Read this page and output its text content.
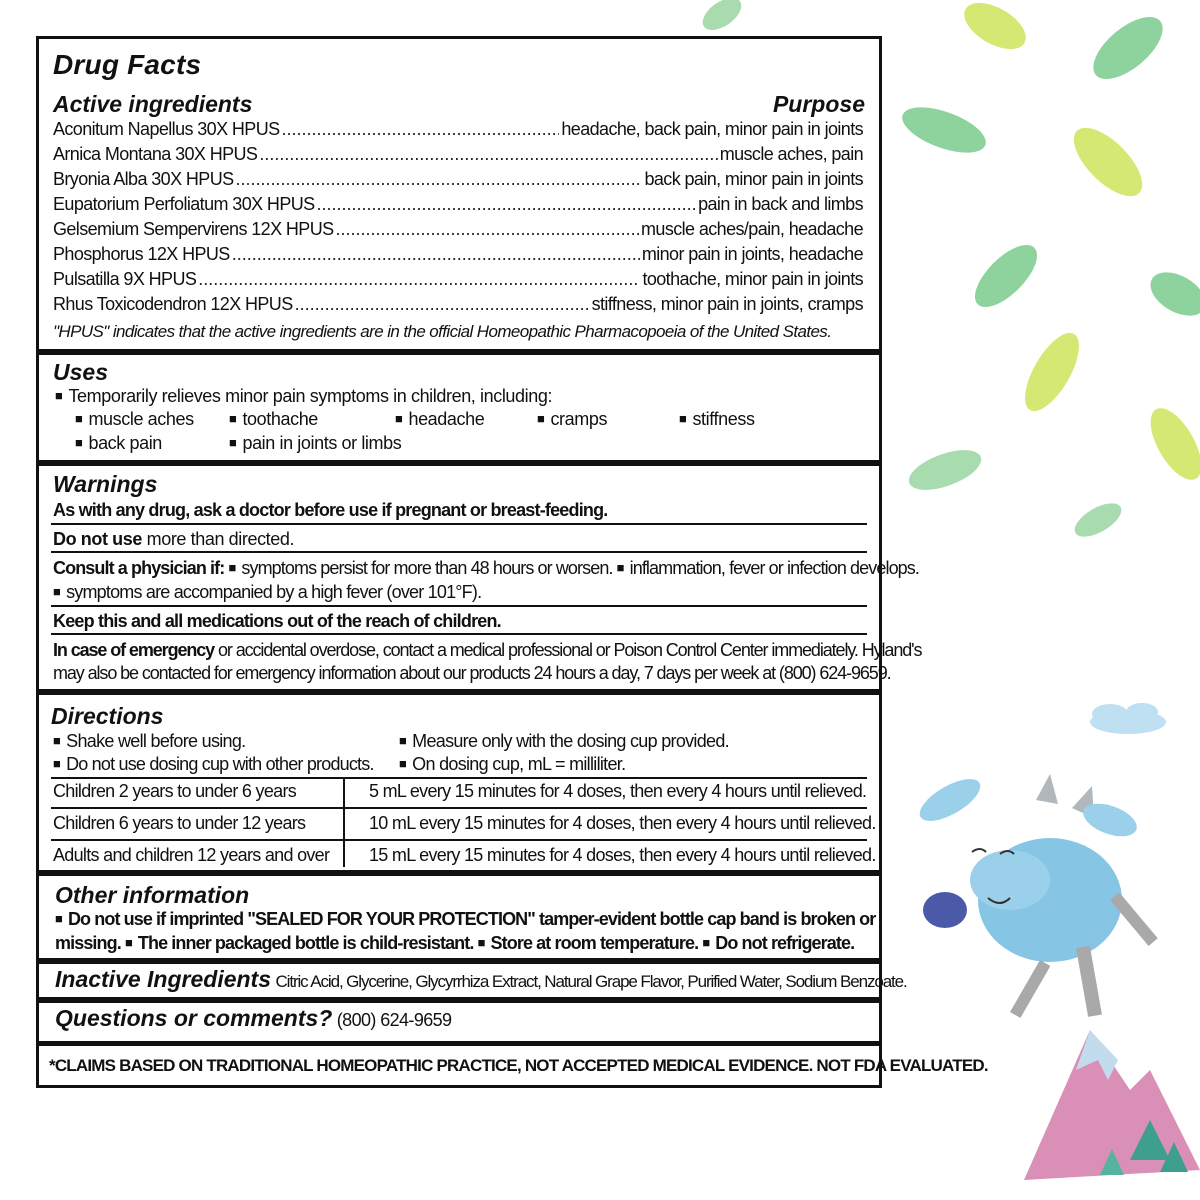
Drug Facts
Active ingredients	Purpose
Aconitum Napellus 30X HPUS .....	headache, back pain, minor pain in joints
Arnica Montana 30X HPUS .....	muscle aches, pain
Bryonia Alba 30X HPUS .....	back pain, minor pain in joints
Eupatorium Perfoliatum 30X HPUS .....	pain in back and limbs
Gelsemium Sempervirens 12X HPUS .....	muscle aches/pain, headache
Phosphorus 12X HPUS .....	minor pain in joints, headache
Pulsatilla 9X HPUS .....	toothache, minor pain in joints
Rhus Toxicodendron 12X HPUS .....	stiffness, minor pain in joints, cramps
"HPUS" indicates that the active ingredients are in the official Homeopathic Pharmacopoeia of the United States.
Uses
■ Temporarily relieves minor pain symptoms in children, including:
■ muscle aches	■ toothache	■ headache	■ cramps	■ stiffness
■ back pain	■ pain in joints or limbs
Warnings
As with any drug, ask a doctor before use if pregnant or breast-feeding.
Do not use more than directed.
Consult a physician if: ■ symptoms persist for more than 48 hours or worsen. ■ inflammation, fever or infection develops.
■ symptoms are accompanied by a high fever (over 101°F).
Keep this and all medications out of the reach of children.
In case of emergency or accidental overdose, contact a medical professional or Poison Control Center immediately. Hyland's
may also be contacted for emergency information about our products 24 hours a day, 7 days per week at (800) 624-9659.
Directions
■ Shake well before using.	■ Measure only with the dosing cup provided.
■ Do not use dosing cup with other products.	■ On dosing cup, mL = milliliter.
Children 2 years to under 6 years	5 mL every 15 minutes for 4 doses, then every 4 hours until relieved.
Children 6 years to under 12 years	10 mL every 15 minutes for 4 doses, then every 4 hours until relieved.
Adults and children 12 years and over 15 mL every 15 minutes for 4 doses, then every 4 hours until relieved.
Other information
■ Do not use if imprinted "SEALED FOR YOUR PROTECTION" tamper-evident bottle cap band is broken or
missing. ■ The inner packaged bottle is child-resistant. ■ Store at room temperature. ■ Do not refrigerate.
Inactive Ingredients Citric Acid, Glycerine, Glycyrrhiza Extract, Natural Grape Flavor, Purified Water, Sodium Benzoate.
Questions or comments? (800) 624-9659
*CLAIMS BASED ON TRADITIONAL HOMEOPATHIC PRACTICE, NOT ACCEPTED MEDICAL EVIDENCE. NOT FDA EVALUATED.
